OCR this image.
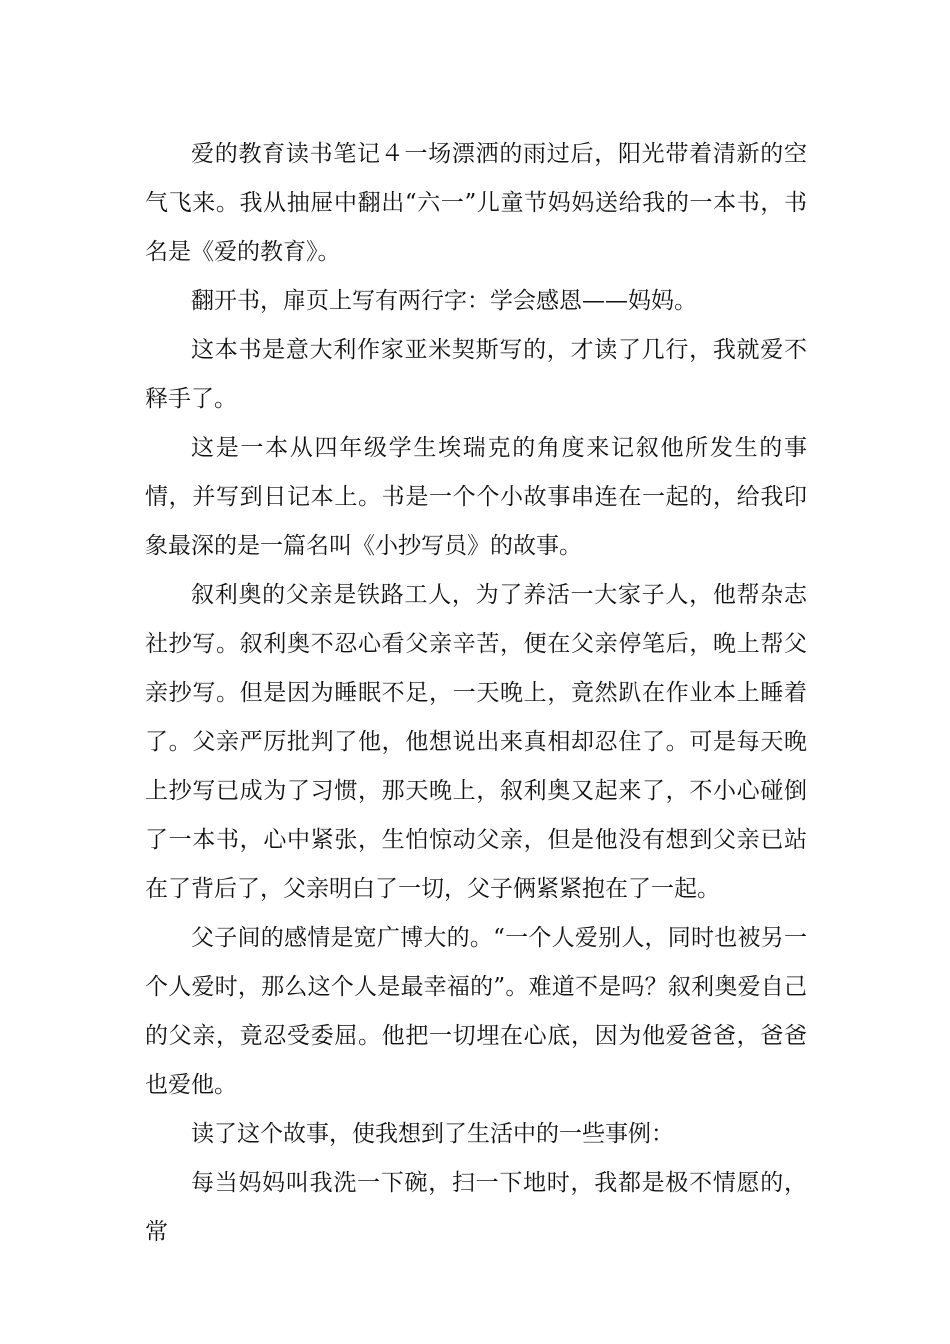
爱的教育读书笔记４一场漂洒的雨过后，阳光带着清新的空气飞来。我从抽屉中翻出“六一”儿童节妈妈送给我的一本书，书名是《爱的教育》。

翻开书，扉页上写有两行字：学会感恩——妈妈。

这本书是意大利作家亚米契斯写的，才读了几行，我就爱不释手了。

这是一本从四年级学生埃瑞克的角度来记叙他所发生的事情，并写到日记本上。书是一个个小故事串连在一起的，给我印象最深的是一篇名叫《小抄写员》的故事。

叙利奥的父亲是铁路工人，为了养活一大家子人，他帮杂志社抄写。叙利奥不忍心看父亲辛苦，便在父亲停笔后，晚上帮父亲抄写。但是因为睡眠不足，一天晚上，竟然趴在作业本上睡着了。父亲严厉批判了他，他想说出来真相却忍住了。可是每天晚上抄写已成为了习惯，那天晚上，叙利奥又起来了，不小心碰倒了一本书，心中紧张，生怕惊动父亲，但是他没有想到父亲已站在了背后了，父亲明白了一切，父子俩紧紧抱在了一起。

父子间的感情是宽广博大的。“一个人爱别人，同时也被另一个人爱时，那么这个人是最幸福的”。难道不是吗？叙利奥爱自己的父亲，竟忍受委屈。他把一切埋在心底，因为他爱爸爸，爸爸也爱他。

读了这个故事，使我想到了生活中的一些事例：

每当妈妈叫我洗一下碗，扫一下地时，我都是极不情愿的，常
